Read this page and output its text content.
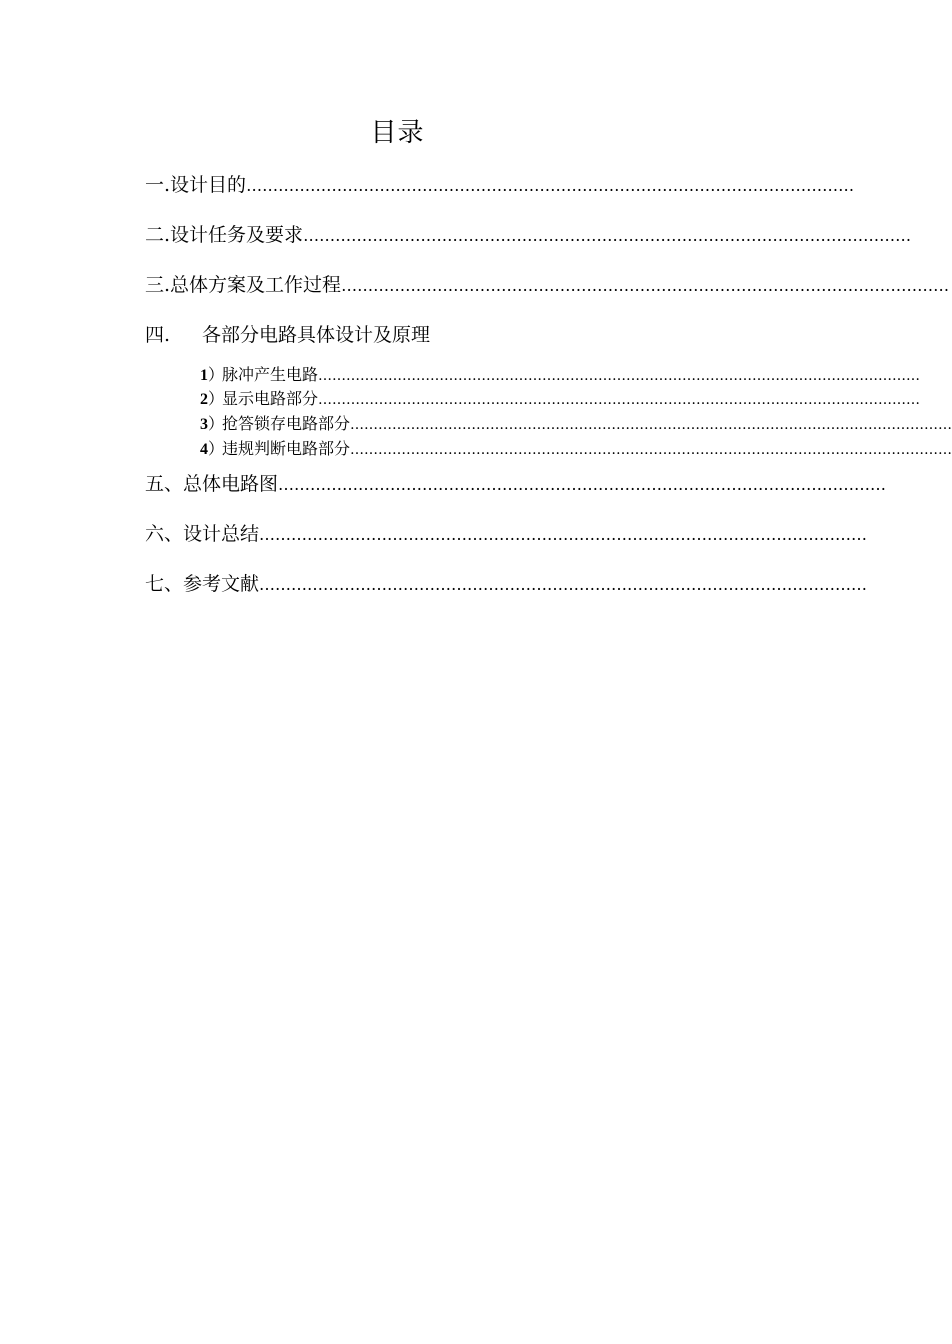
目录
一. 设计目的 ……………………………………………………………………………………………………
二. 设计任务及要求 ……………………………………………………………………………………………………
三. 总体方案及工作过程 ……………………………………………………………………………………………………
四.	各部分电路具体设计及原理
1 ）
脉冲产生电路 …………………………………………………………………………………………………………………
2 ）
显示电路部分 …………………………………………………………………………………………………………………
3 ）
抢答锁存电路部分 …………………………………………………………………………………………………………………
4 ）
违规判断电路部分 …………………………………………………………………………………………………………………
五、 总体电路图 ……………………………………………………………………………………………………
六、 设计总结 ……………………………………………………………………………………………………
七、 参考文献 ……………………………………………………………………………………………………
